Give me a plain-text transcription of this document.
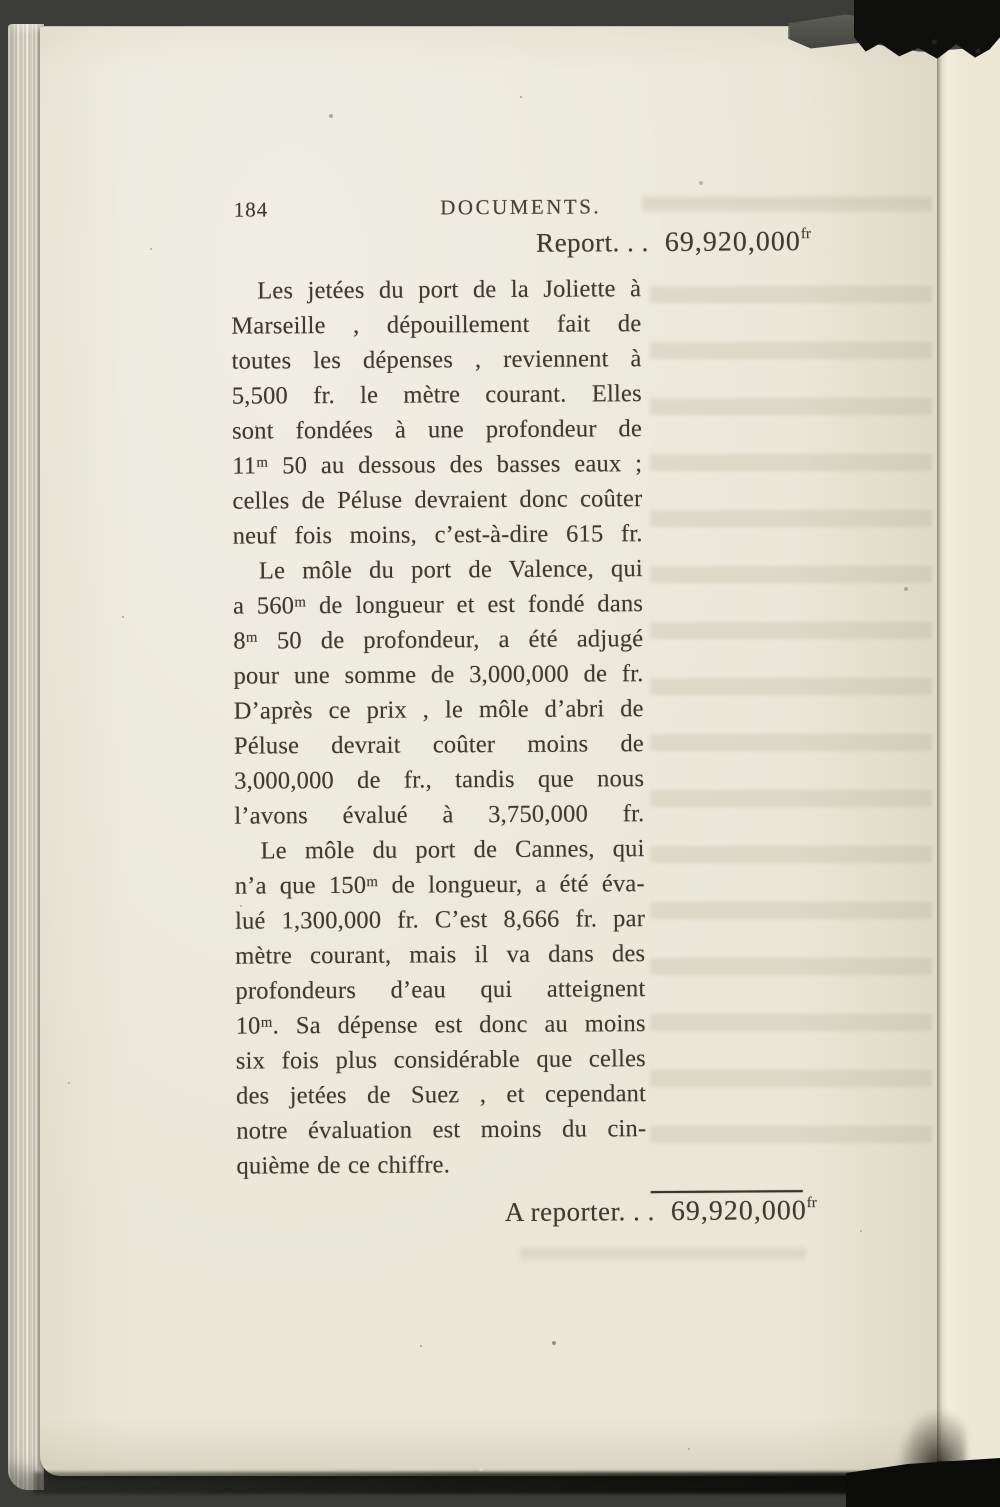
184	DOCUMENTS.
Report. . . $69,920,000^{fr}$
Les jetées du port de la Joliette à
Marseille , dépouillement fait de
toutes les dépenses , reviennent à
5,500 fr. le mètre courant. Elles
sont fondées à une profondeur de
11ᵐ 50 au dessous des basses eaux ;
celles de Péluse devraient donc coûter
neuf fois moins, c’est-à-dire 615 fr.
Le môle du port de Valence, qui
a 560ᵐ de longueur et est fondé dans
8ᵐ 50 de profondeur, a été adjugé
pour une somme de 3,000,000 de fr.
D’après ce prix , le môle d’abri de
Péluse devrait coûter moins de
3,000,000 de fr., tandis que nous
l’avons évalué à 3,750,000 fr.
Le môle du port de Cannes, qui
n’a que 150ᵐ de longueur, a été éva-
lué 1,300,000 fr. C’est 8,666 fr. par
mètre courant, mais il va dans des
profondeurs d’eau qui atteignent
10ᵐ. Sa dépense est donc au moins
six fois plus considérable que celles
des jetées de Suez , et cependant
notre évaluation est moins du cin-
quième de ce chiffre.
A reporter. . . $69,920,000^{fr}$
